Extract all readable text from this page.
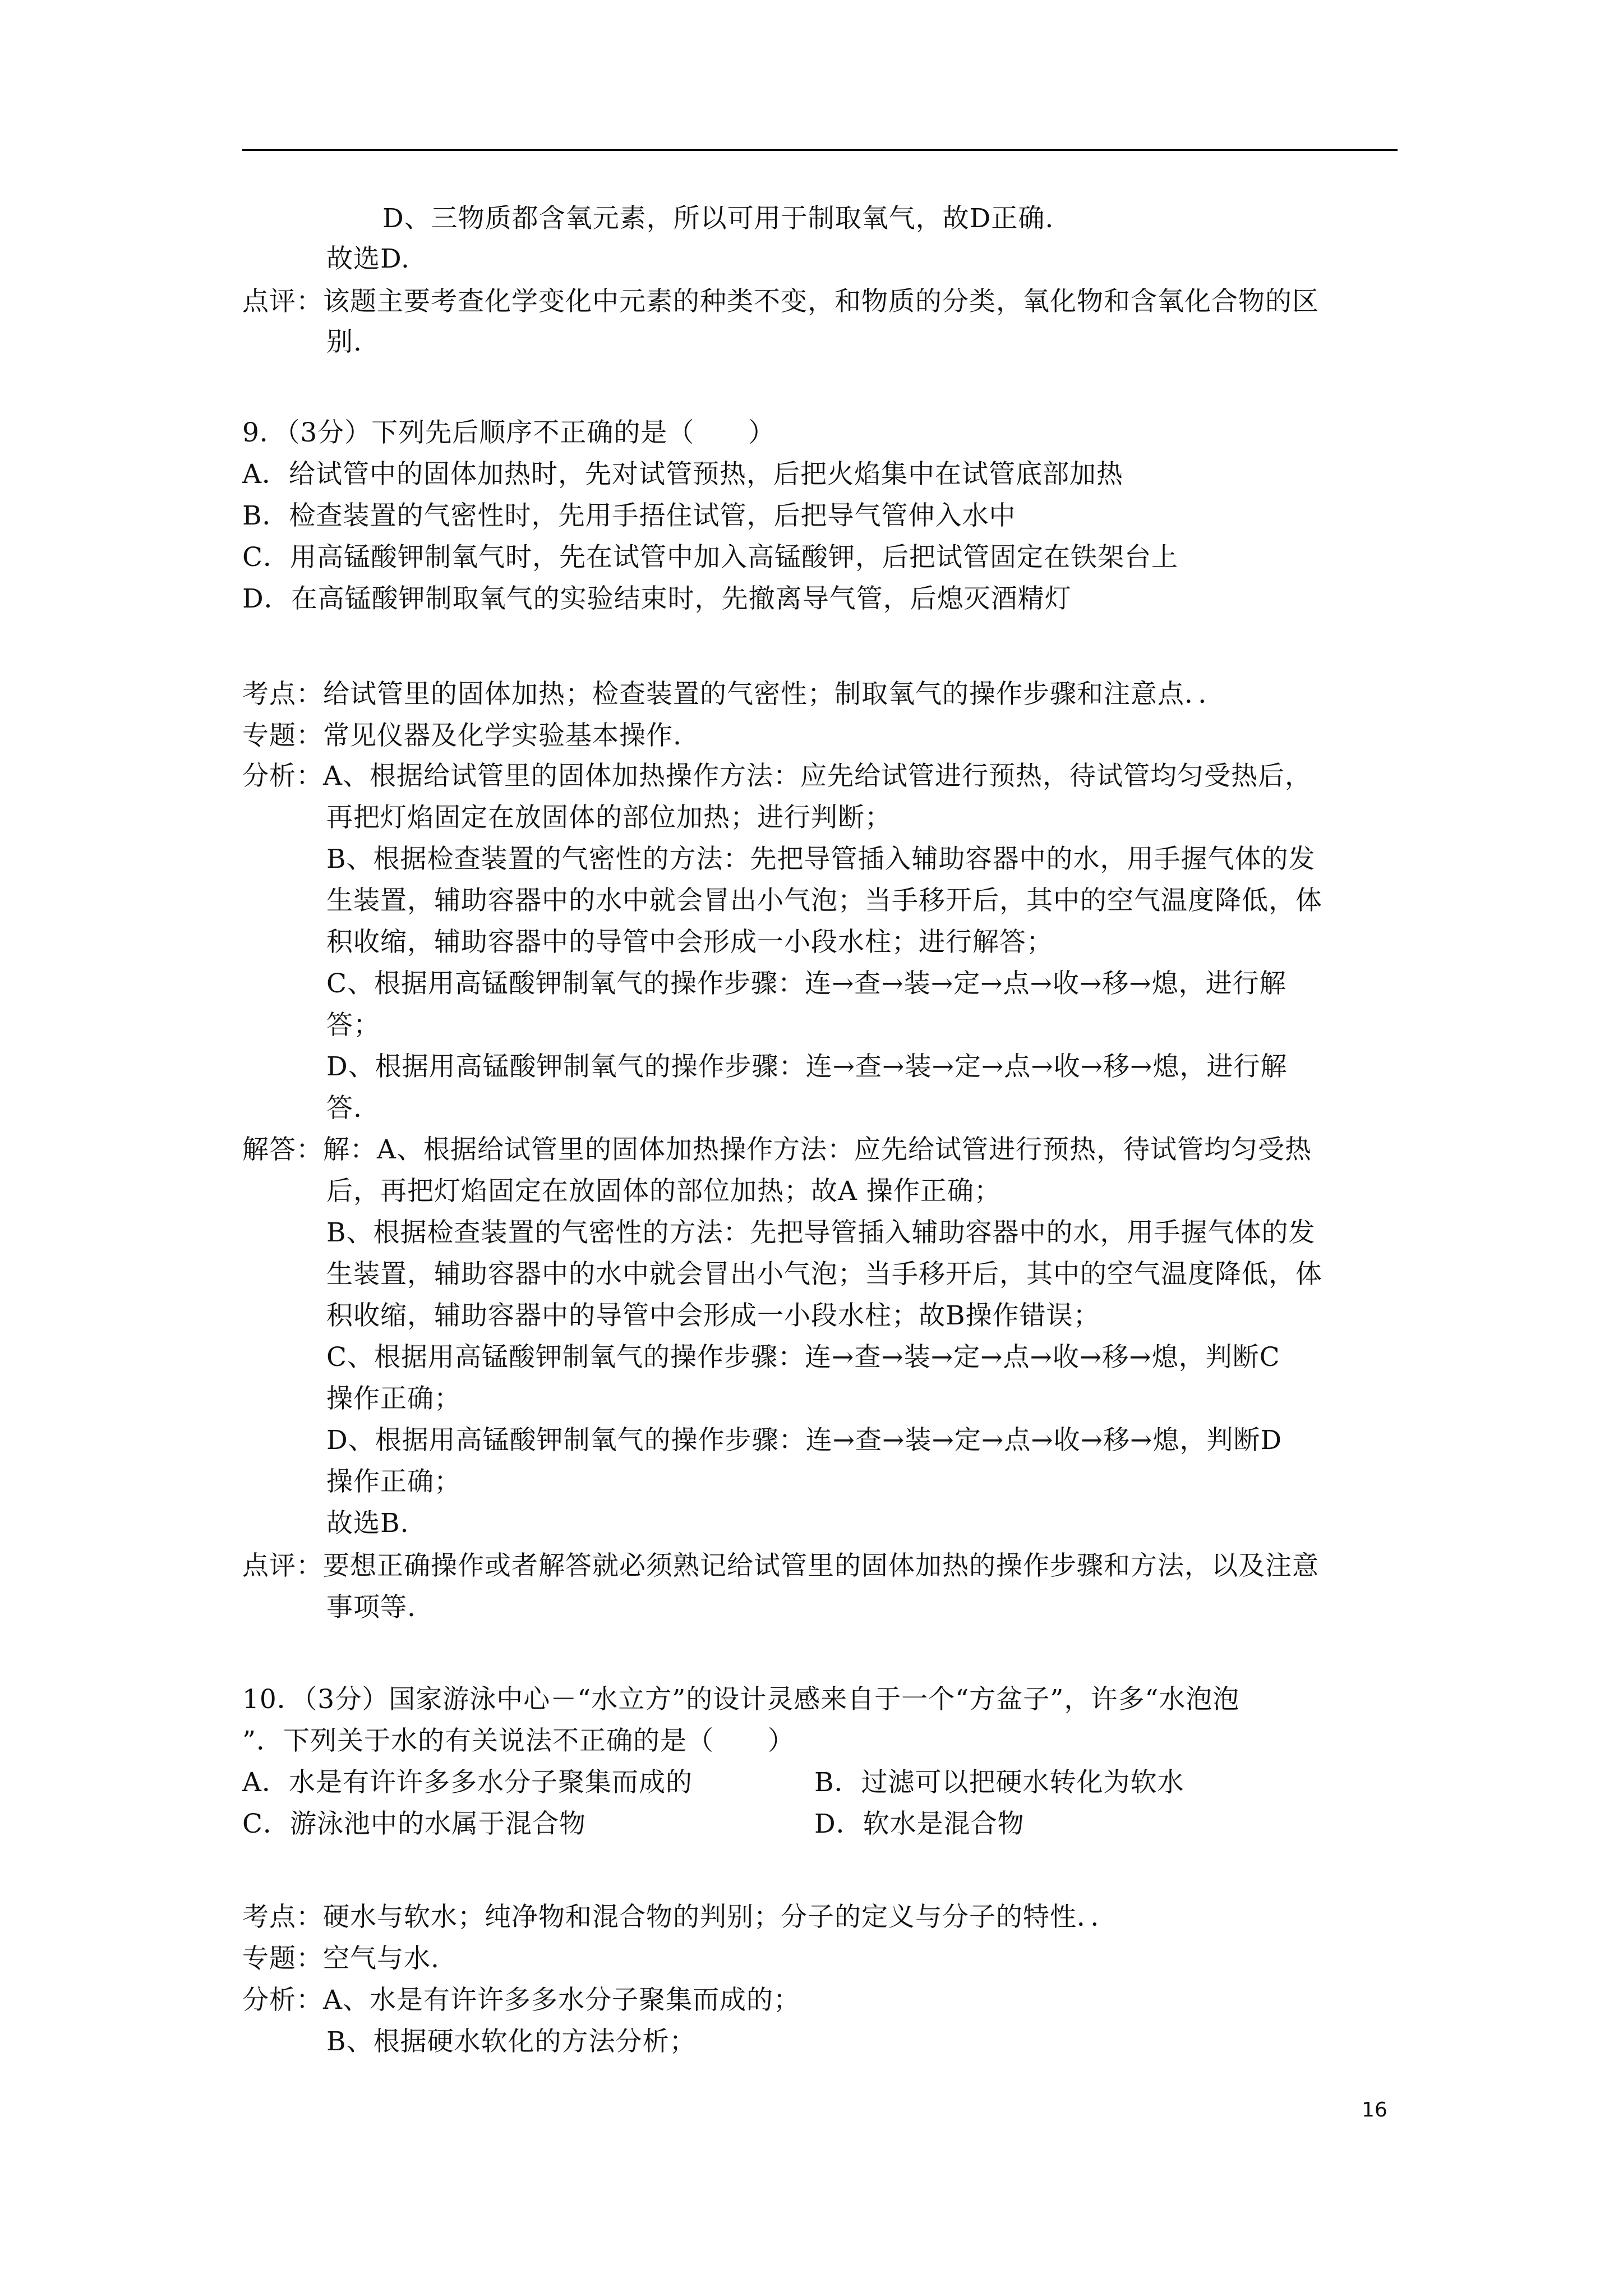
D、三物质都含氧元素，所以可用于制取氧气，故D正确.
故选D.
点评：该题主要考查化学变化中元素的种类不变，和物质的分类，氧化物和含氧化合物的区
别.
9．（3分）下列先后顺序不正确的是（　　）
A．给试管中的固体加热时，先对试管预热，后把火焰集中在试管底部加热
B．检查装置的气密性时，先用手捂住试管，后把导气管伸入水中
C．用高锰酸钾制氧气时，先在试管中加入高锰酸钾，后把试管固定在铁架台上
D．在高锰酸钾制取氧气的实验结束时，先撤离导气管，后熄灭酒精灯
考点：给试管里的固体加热；检查装置的气密性；制取氧气的操作步骤和注意点．．
专题：常见仪器及化学实验基本操作.
分析：A、根据给试管里的固体加热操作方法：应先给试管进行预热，待试管均匀受热后，
再把灯焰固定在放固体的部位加热；进行判断；
B、根据检查装置的气密性的方法：先把导管插入辅助容器中的水，用手握气体的发
生装置，辅助容器中的水中就会冒出小气泡；当手移开后，其中的空气温度降低，体
积收缩，辅助容器中的导管中会形成一小段水柱；进行解答；
C、根据用高锰酸钾制氧气的操作步骤：连→查→装→定→点→收→移→熄，进行解
答；
D、根据用高锰酸钾制氧气的操作步骤：连→查→装→定→点→收→移→熄，进行解
答.
解答：解：A、根据给试管里的固体加热操作方法：应先给试管进行预热，待试管均匀受热
后，再把灯焰固定在放固体的部位加热；故A 操作正确；
B、根据检查装置的气密性的方法：先把导管插入辅助容器中的水，用手握气体的发
生装置，辅助容器中的水中就会冒出小气泡；当手移开后，其中的空气温度降低，体
积收缩，辅助容器中的导管中会形成一小段水柱；故B操作错误；
C、根据用高锰酸钾制氧气的操作步骤：连→查→装→定→点→收→移→熄，判断C
操作正确；
D、根据用高锰酸钾制氧气的操作步骤：连→查→装→定→点→收→移→熄，判断D
操作正确；
故选B.
点评：要想正确操作或者解答就必须熟记给试管里的固体加热的操作步骤和方法，以及注意
事项等.
10．（3分）国家游泳中心－“水立方”的设计灵感来自于一个“方盆子”，许多“水泡泡
”．下列关于水的有关说法不正确的是（　　）
A．水是有许许多多水分子聚集而成的	B．过滤可以把硬水转化为软水
C．游泳池中的水属于混合物	D．软水是混合物
考点：硬水与软水；纯净物和混合物的判别；分子的定义与分子的特性．．
专题：空气与水.
分析：A、水是有许许多多水分子聚集而成的；
B、根据硬水软化的方法分析；
16
